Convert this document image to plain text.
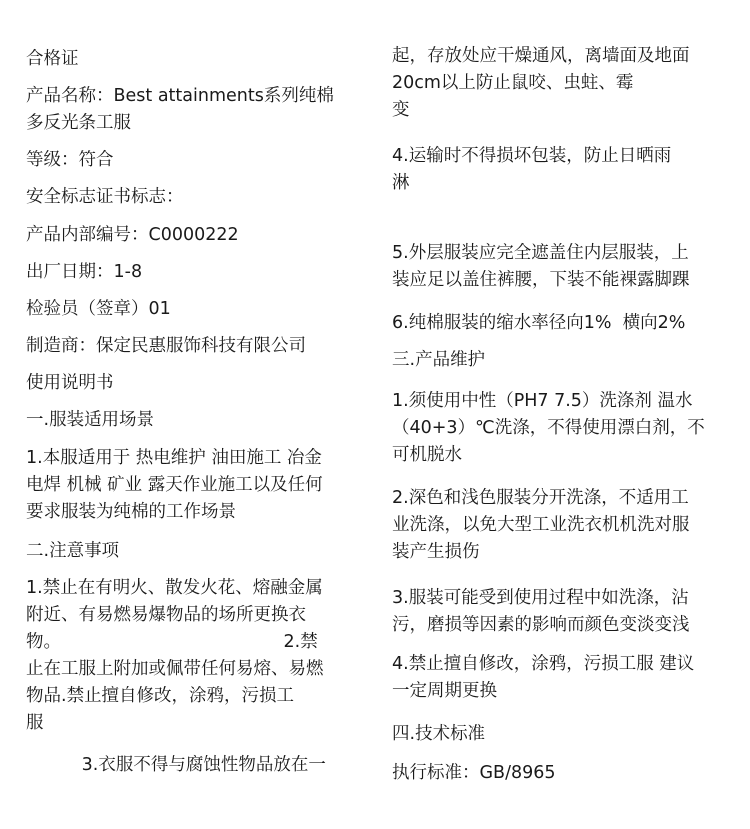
合格证

产品名称：Best attainments系列纯棉
多反光条工服

等级：符合

安全标志证书标志：

产品内部编号：C0000222

出厂日期：1-8

检验员（签章）01

制造商：保定民惠服饰科技有限公司

使用说明书

一.服装适用场景

1.本服适用于 热电维护 油田施工 冶金
电焊 机械 矿业 露天作业施工以及任何
要求服装为纯棉的工作场景

二.注意事项

1.禁止在有明火、散发火花、熔融金属
附近、有易燃易爆物品的场所更换衣
物。                                        2.禁
止在工服上附加或佩带任何易熔、易燃
物品.禁止擅自修改，涂鸦，污损工
服

3.衣服不得与腐蚀性物品放在一

起，存放处应干燥通风，离墙面及地面
20cm以上防止鼠咬、虫蛀、霉
变

4.运输时不得损坏包装，防止日晒雨
淋

5.外层服装应完全遮盖住内层服装，上
装应足以盖住裤腰，下装不能裸露脚踝

6.纯棉服装的缩水率径向1%  横向2%

三.产品维护

1.须使用中性（PH7 7.5）洗涤剂 温水
（40+3）℃洗涤，不得使用漂白剂，不
可机脱水

2.深色和浅色服装分开洗涤，不适用工
业洗涤，以免大型工业洗衣机机洗对服
装产生损伤

3.服装可能受到使用过程中如洗涤，沾
污，磨损等因素的影响而颜色变淡变浅

4.禁止擅自修改，涂鸦，污损工服 建议
一定周期更换

四.技术标准

执行标准：GB/8965
